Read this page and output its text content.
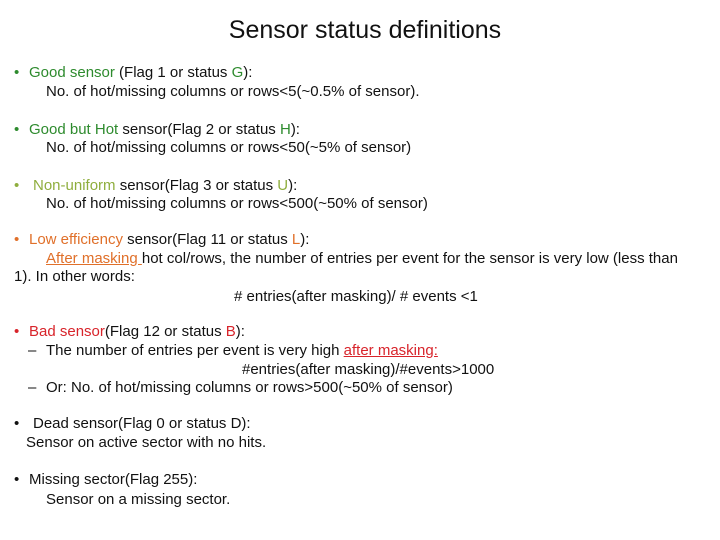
Sensor status definitions
• Good sensor (Flag 1 or status G):
No. of hot/missing columns or rows<5(~0.5% of sensor).
• Good but Hot sensor(Flag 2 or status H):
No. of hot/missing columns or rows<50(~5% of sensor)
• Non-uniform sensor(Flag 3 or status U):
No. of hot/missing columns or rows<500(~50% of sensor)
• Low efficiency sensor(Flag 11 or status L):
After masking hot col/rows, the number of entries per event for the sensor is very low (less than
1). In other words:
# entries(after masking)/ # events <1
• Bad sensor(Flag 12 or status B):
– The number of entries per event is very high after masking:
#entries(after masking)/#events>1000
– Or: No. of hot/missing columns or rows>500(~50% of sensor)
• Dead sensor(Flag 0 or status D):
Sensor on active sector with no hits.
• Missing sector(Flag 255):
Sensor on a missing sector.
